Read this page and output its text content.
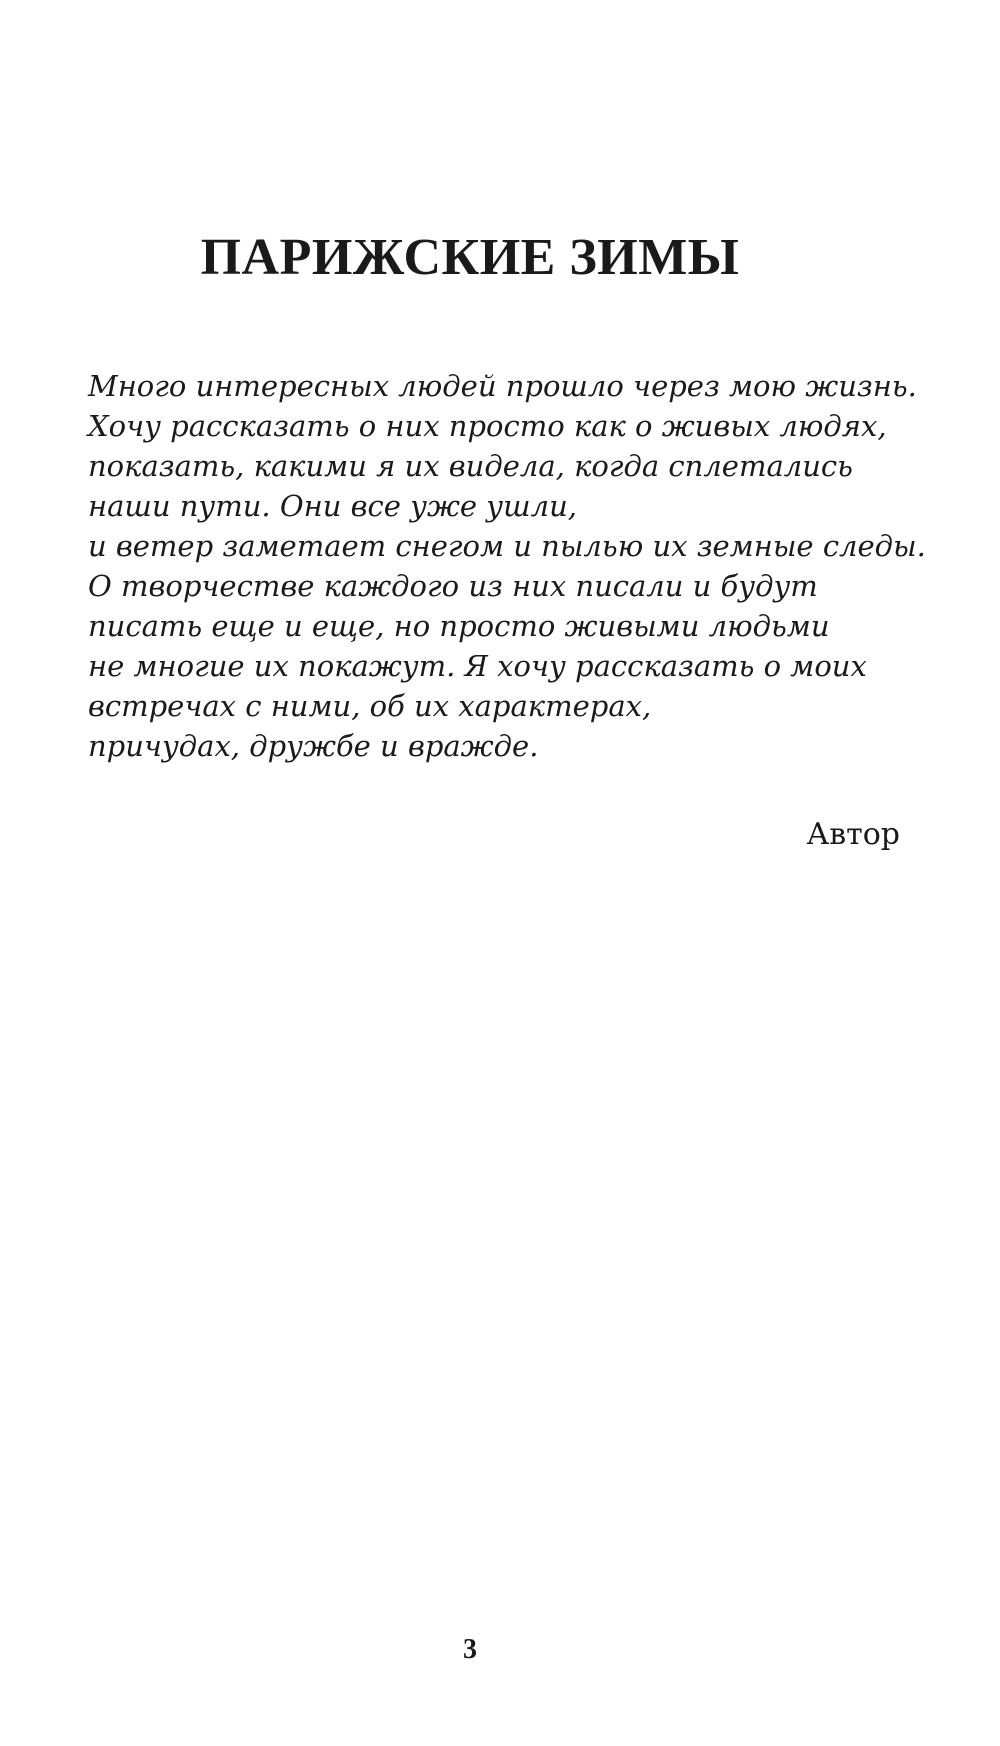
ПАРИЖСКИЕ ЗИМЫ
Много интересных людей прошло через мою жизнь.
Хочу рассказать о них просто как о живых людях,
показать, какими я их видела, когда сплетались
наши пути. Они все уже ушли,
и ветер заметает снегом и пылью их земные следы.
О творчестве каждого из них писали и будут
писать еще и еще, но просто живыми людьми
не многие их покажут. Я хочу рассказать о моих
встречах с ними, об их характерах,
причудах, дружбе и вражде.

Автор

3
